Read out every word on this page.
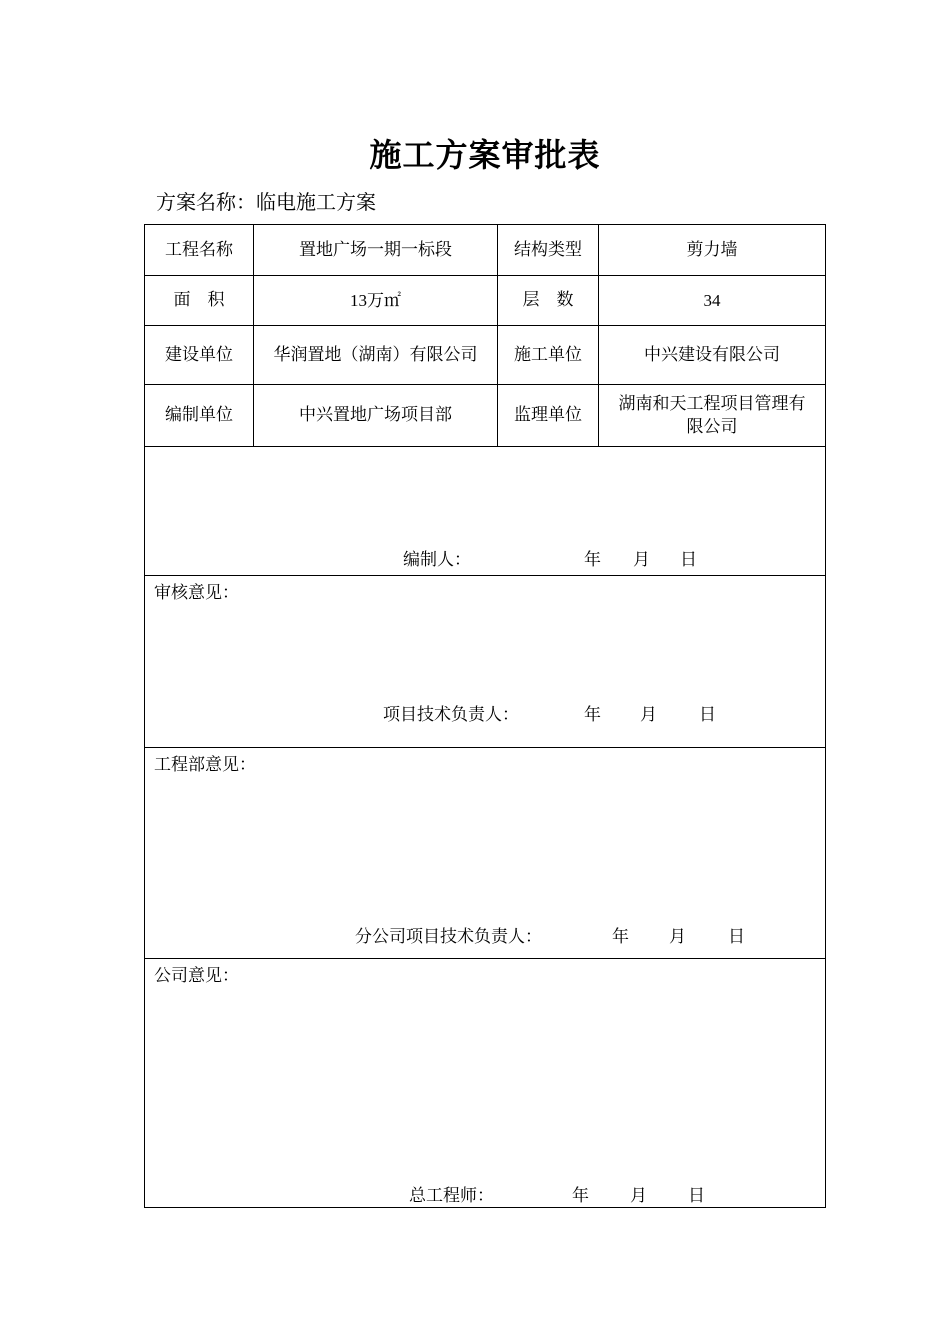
施工方案审批表
方案名称：临电施工方案
工程名称	置地广场一期一标段	结构类型	剪力墙
面　积	13万㎡	层　数	34
建设单位	华润置地（湖南）有限公司	施工单位	中兴建设有限公司
编制单位	中兴置地广场项目部	监理单位	湖南和天工程项目管理有限公司

编制人： 年 月 日			

审核意见：
项目技术负责人： 年 月 日			

工程部意见：
分公司项目技术负责人： 年 月 日			

公司意见：
总工程师： 年 月 日			
